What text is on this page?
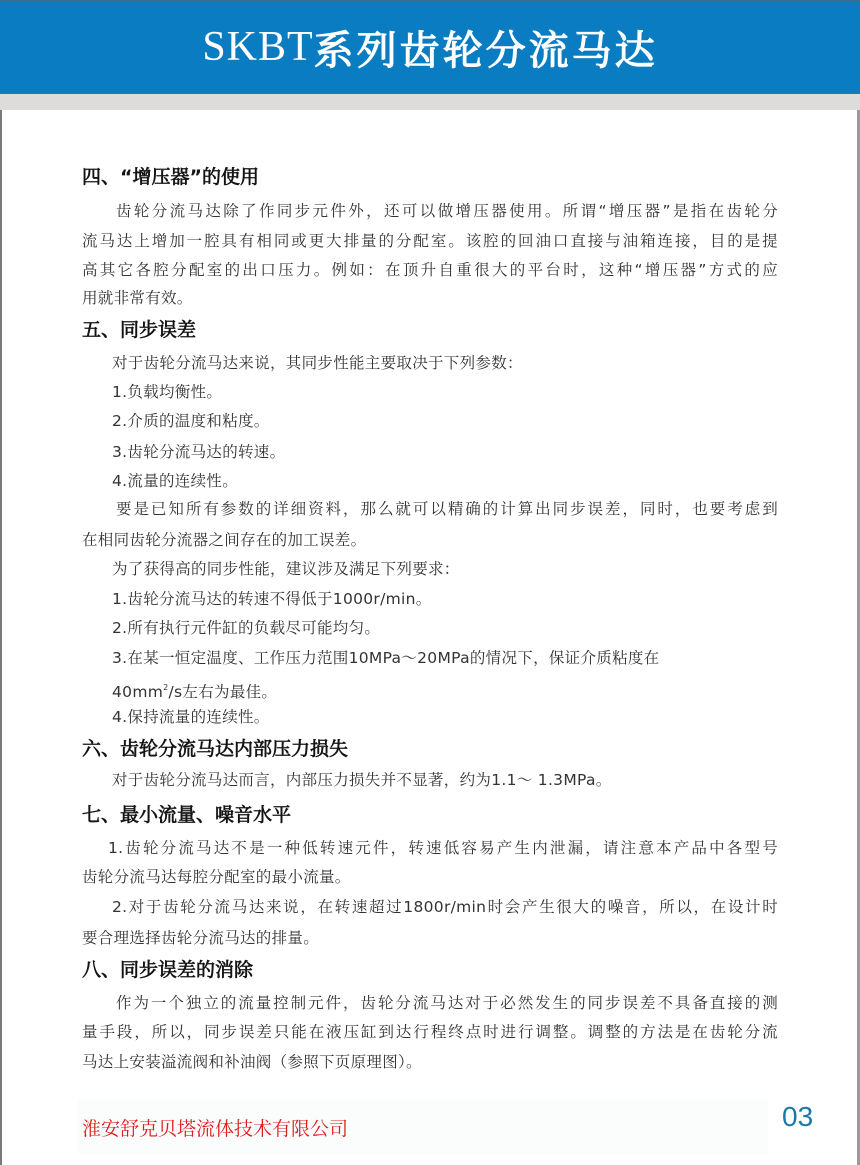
SKBT 系列齿轮分流马达
四、“增压器”的使用
齿轮分流马达除了作同步元件外，还可以做增压器使用。所谓“增压器”是指在齿轮分
流马达上增加一腔具有相同或更大排量的分配室。该腔的回油口直接与油箱连接，目的是提
高其它各腔分配室的出口压力。例如：在顶升自重很大的平台时，这种“增压器”方式的应
用就非常有效。
五、同步误差
对于齿轮分流马达来说，其同步性能主要取决于下列参数：
1.负载均衡性。
2.介质的温度和粘度。
3.齿轮分流马达的转速。
4.流量的连续性。
要是已知所有参数的详细资料，那么就可以精确的计算出同步误差，同时，也要考虑到
在相同齿轮分流器之间存在的加工误差。
为了获得高的同步性能，建议涉及满足下列要求：
1.齿轮分流马达的转速不得低于1000r/min。
2.所有执行元件缸的负载尽可能均匀。
3.在某一恒定温度、工作压力范围10MPa～20MPa的情况下，保证介质粘度在
$40mm^2/s$左右为最佳。
4.保持流量的连续性。
六、齿轮分流马达内部压力损失
对于齿轮分流马达而言，内部压力损失并不显著，约为1.1～ 1.3MPa。
七、最小流量、噪音水平
1.齿轮分流马达不是一种低转速元件，转速低容易产生内泄漏，请注意本产品中各型号
齿轮分流马达每腔分配室的最小流量。
2.对于齿轮分流马达来说，在转速超过1800r/min时会产生很大的噪音，所以，在设计时
要合理选择齿轮分流马达的排量。
八、同步误差的消除
作为一个独立的流量控制元件，齿轮分流马达对于必然发生的同步误差不具备直接的测
量手段，所以，同步误差只能在液压缸到达行程终点时进行调整。调整的方法是在齿轮分流
马达上安装溢流阀和补油阀（参照下页原理图）。
淮安舒克贝塔流体技术有限公司	03
